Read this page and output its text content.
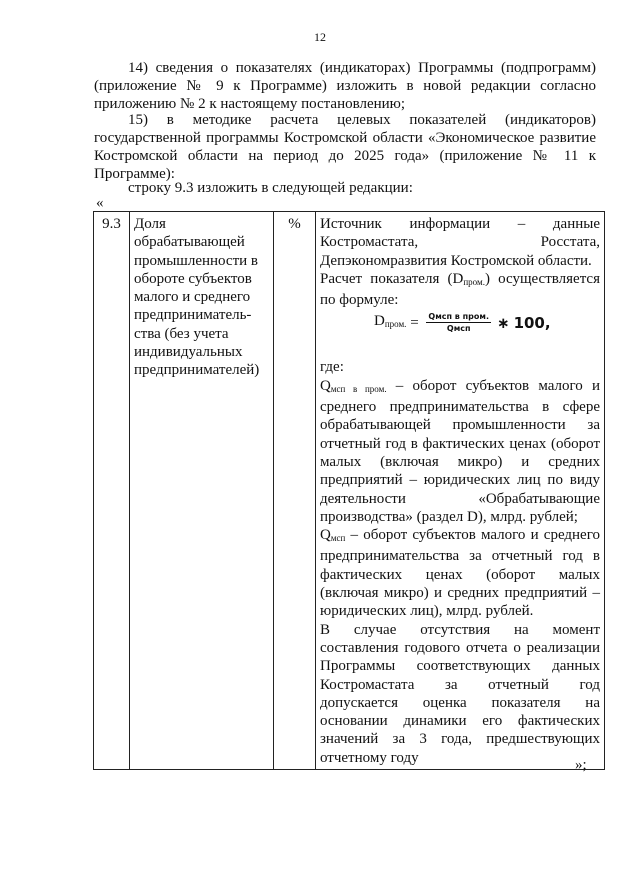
12
14) сведения о показателях (индикаторах) Программы (подпрограмм) (приложение № 9 к Программе) изложить в новой редакции согласно приложению № 2 к настоящему постановлению;
15) в методике расчета целевых показателей (индикаторов) государственной программы Костромской области «Экономическое развитие Костромской области на период до 2025 года» (приложение № 11 к Программе):
строку 9.3 изложить в следующей редакции:
«
9.3	Доля обрабатывающей промышленности в обороте субъектов малого и среднего предприниматель-ства (без учета индивидуальных предпринимателей)	%	Источник информации – данные Костромастата, Росстата, Депэкономразвития Костромской области.

Расчет показателя $(D_{пром.})$ осуществляется по формуле:

$D_{пром.} = \frac{\text{Qмсп в пром.}}{\text{Qмсп}}$ ∗ 100,

где:

$Q_{мсп в пром.}$ – оборот субъектов малого и среднего предпринимательства в сфере обрабатывающей промышленности за отчетный год в фактических ценах (оборот малых (включая микро) и средних предприятий – юридических лиц по виду деятельности «Обрабатывающие производства» (раздел D), млрд. рублей;

$Q_{мсп}$ – оборот субъектов малого и среднего предпринимательства за отчетный год в фактических ценах (оборот малых (включая микро) и средних предприятий – юридических лиц), млрд. рублей.

В случае отсутствия на момент составления годового отчета о реализации Программы соответствующих данных Костромастата за отчетный год допускается оценка показателя на основании динамики его фактических значений за 3 года, предшествующих отчетному году	»;
